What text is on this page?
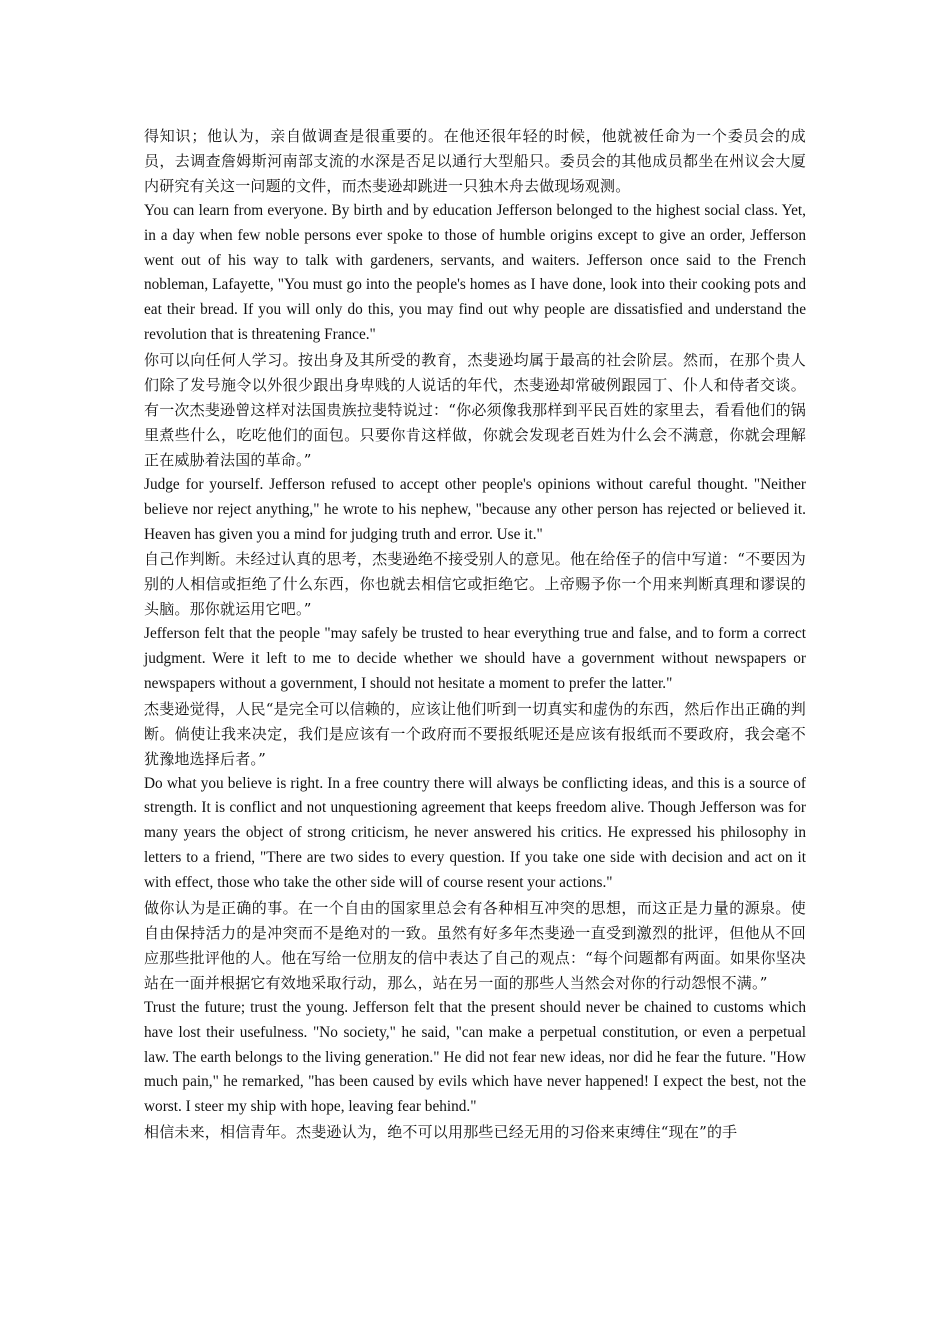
得知识；他认为，亲自做调查是很重要的。在他还很年轻的时候，他就被任命为一个委员会的成员，去调查詹姆斯河南部支流的水深是否足以通行大型船只。委员会的其他成员都坐在州议会大厦内研究有关这一问题的文件，而杰斐逊却跳进一只独木舟去做现场观测。

You can learn from everyone. By birth and by education Jefferson belonged to the highest social class. Yet, in a day when few noble persons ever spoke to those of humble origins except to give an order, Jefferson went out of his way to talk with gardeners, servants, and waiters. Jefferson once said to the French nobleman, Lafayette, "You must go into the people's homes as I have done, look into their cooking pots and eat their bread. If you will only do this, you may find out why people are dissatisfied and understand the revolution that is threatening France."

你可以向任何人学习。按出身及其所受的教育，杰斐逊均属于最高的社会阶层。然而，在那个贵人们除了发号施令以外很少跟出身卑贱的人说话的年代，杰斐逊却常破例跟园丁、仆人和侍者交谈。有一次杰斐逊曾这样对法国贵族拉斐特说过：“你必须像我那样到平民百姓的家里去，看看他们的锅里煮些什么，吃吃他们的面包。只要你肯这样做，你就会发现老百姓为什么会不满意，你就会理解正在威胁着法国的革命。”

Judge for yourself. Jefferson refused to accept other people's opinions without careful thought. "Neither believe nor reject anything," he wrote to his nephew, "because any other person has rejected or believed it. Heaven has given you a mind for judging truth and error. Use it."

自己作判断。未经过认真的思考，杰斐逊绝不接受别人的意见。他在给侄子的信中写道：“不要因为别的人相信或拒绝了什么东西，你也就去相信它或拒绝它。上帝赐予你一个用来判断真理和谬误的头脑。那你就运用它吧。”

Jefferson felt that the people "may safely be trusted to hear everything true and false, and to form a correct judgment. Were it left to me to decide whether we should have a government without newspapers or newspapers without a government, I should not hesitate a moment to prefer the latter."

杰斐逊觉得，人民“是完全可以信赖的，应该让他们听到一切真实和虚伪的东西，然后作出正确的判断。倘使让我来决定，我们是应该有一个政府而不要报纸呢还是应该有报纸而不要政府，我会毫不犹豫地选择后者。”

Do what you believe is right. In a free country there will always be conflicting ideas, and this is a source of strength. It is conflict and not unquestioning agreement that keeps freedom alive. Though Jefferson was for many years the object of strong criticism, he never answered his critics. He expressed his philosophy in letters to a friend, "There are two sides to every question. If you take one side with decision and act on it with effect, those who take the other side will of course resent your actions."

做你认为是正确的事。在一个自由的国家里总会有各种相互冲突的思想，而这正是力量的源泉。使自由保持活力的是冲突而不是绝对的一致。虽然有好多年杰斐逊一直受到激烈的批评，但他从不回应那些批评他的人。他在写给一位朋友的信中表达了自己的观点：“每个问题都有两面。如果你坚决站在一面并根据它有效地采取行动，那么，站在另一面的那些人当然会对你的行动怨恨不满。”

Trust the future; trust the young. Jefferson felt that the present should never be chained to customs which have lost their usefulness. "No society," he said, "can make a perpetual constitution, or even a perpetual law. The earth belongs to the living generation." He did not fear new ideas, nor did he fear the future. "How much pain," he remarked, "has been caused by evils which have never happened! I expect the best, not the worst. I steer my ship with hope, leaving fear behind."

相信未来，相信青年。杰斐逊认为，绝不可以用那些已经无用的习俗来束缚住“现在”的手
